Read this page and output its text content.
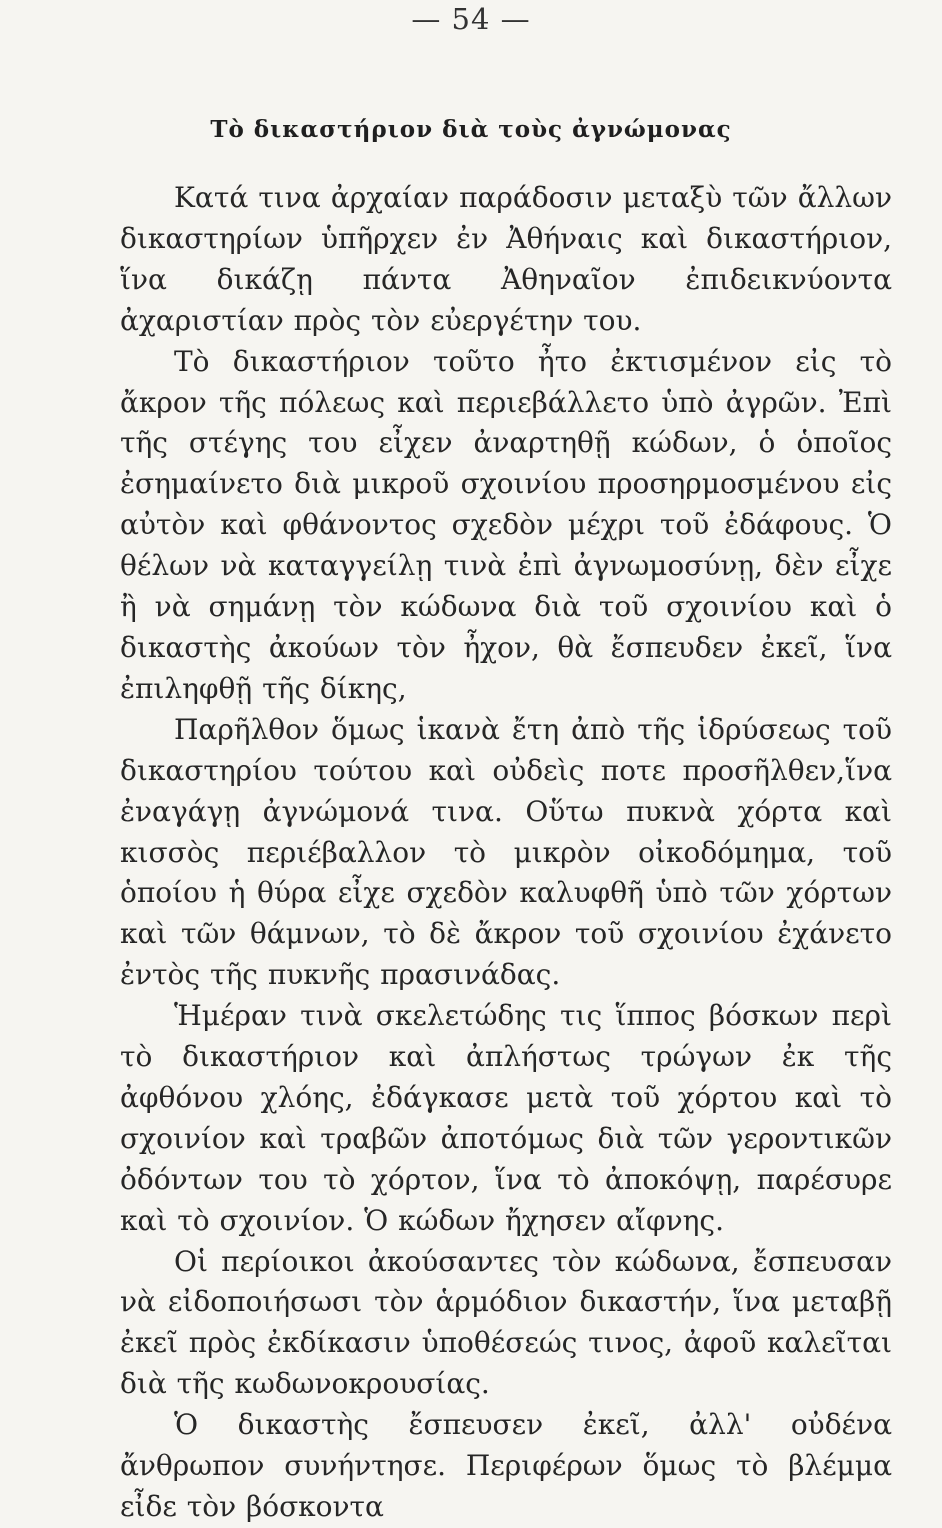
— 54 —
Τὸ δικαστήριον διὰ τοὺς ἀγνώμονας

Κατά τινα ἀρχαίαν παράδοσιν μεταξὺ τῶν ἄλλων δικαστηρίων ὑπῆρχεν ἐν Ἀθήναις καὶ δικαστήριον, ἵνα δικάζῃ πάντα Ἀθηναῖον ἐπιδεικνύοντα ἀχαριστίαν πρὸς τὸν εὐεργέτην του.

Τὸ δικαστήριον τοῦτο ἦτο ἐκτισμένον εἰς τὸ ἄκρον τῆς πόλεως καὶ περιεβάλλετο ὑπὸ ἀγρῶν. Ἐπὶ τῆς στέγης του εἶχεν ἀναρτηθῇ κώδων, ὁ ὁποῖος ἐσημαίνετο διὰ μικροῦ σχοινίου προσηρμοσμένου εἰς αὐτὸν καὶ φθάνοντος σχεδὸν μέχρι τοῦ ἐδάφους. Ὁ θέλων νὰ καταγγείλῃ τινὰ ἐπὶ ἀγνωμοσύνῃ, δὲν εἶχε ἢ νὰ σημάνῃ τὸν κώδωνα διὰ τοῦ σχοινίου καὶ ὁ δικαστὴς ἀκούων τὸν ἦχον, θὰ ἔσπευδεν ἐκεῖ, ἵνα ἐπιληφθῇ τῆς δίκης,

Παρῆλθον ὅμως ἱκανὰ ἔτη ἀπὸ τῆς ἱδρύσεως τοῦ δικαστηρίου τούτου καὶ οὐδεὶς ποτε προσῆλθεν,ἵνα ἐναγάγῃ ἀγνώμονά τινα. Οὕτω πυκνὰ χόρτα καὶ κισσὸς περιέβαλλον τὸ μικρὸν οἰκοδόμημα, τοῦ ὁποίου ἡ θύρα εἶχε σχεδὸν καλυφθῆ ὑπὸ τῶν χόρτων καὶ τῶν θάμνων, τὸ δὲ ἄκρον τοῦ σχοινίου ἐχάνετο ἐντὸς τῆς πυκνῆς πρασινάδας.

Ἡμέραν τινὰ σκελετώδης τις ἵππος βόσκων περὶ τὸ δικαστήριον καὶ ἀπλήστως τρώγων ἐκ τῆς ἀφθόνου χλόης, ἐδάγκασε μετὰ τοῦ χόρτου καὶ τὸ σχοινίον καὶ τραβῶν ἀποτόμως διὰ τῶν γεροντικῶν ὀδόντων του τὸ χόρτον, ἵνα τὸ ἀποκόψῃ, παρέσυρε καὶ τὸ σχοινίον. Ὁ κώδων ἤχησεν αἴφνης.

Οἱ περίοικοι ἀκούσαντες τὸν κώδωνα, ἔσπευσαν νὰ εἰδοποιήσωσι τὸν ἁρμόδιον δικαστήν, ἵνα μεταβῇ ἐκεῖ πρὸς ἐκδίκασιν ὑποθέσεώς τινος, ἀφοῦ καλεῖται διὰ τῆς κωδωνοκρουσίας.

Ὁ δικαστὴς ἔσπευσεν ἐκεῖ, ἀλλ' οὐδένα ἄνθρωπον συνήντησε. Περιφέρων ὅμως τὸ βλέμμα εἶδε τὸν βόσκοντα
